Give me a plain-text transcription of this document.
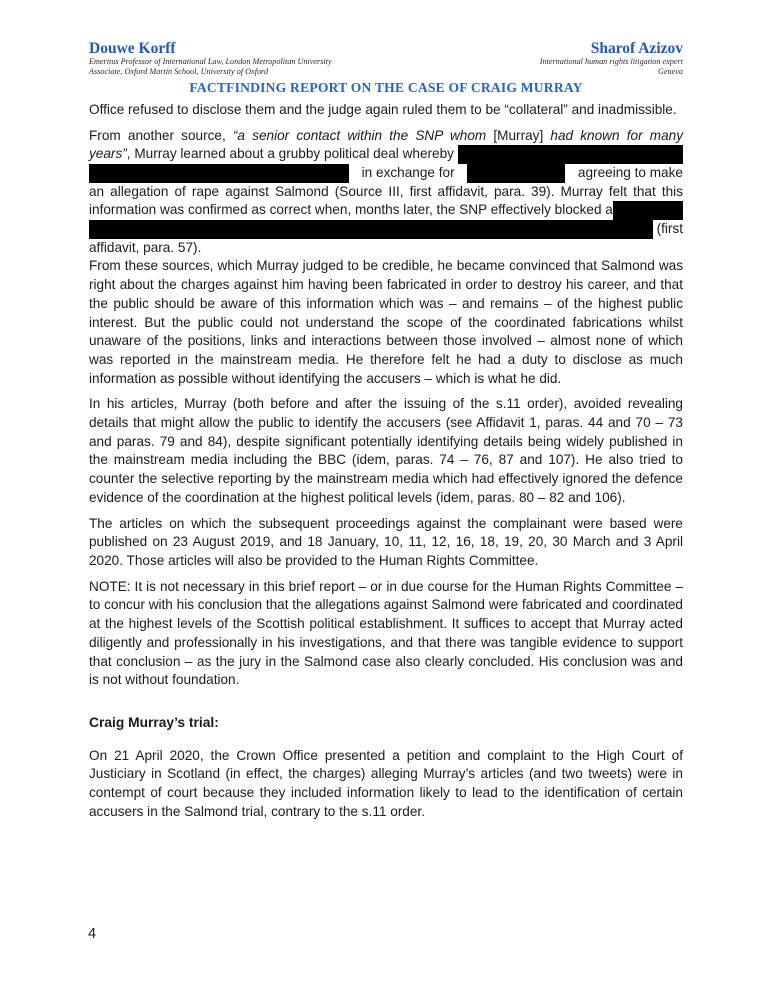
Douwe Korff
Emeritus Professor of International Law, London Metropolitan University
Associate, Oxford Martin School, University of Oxford
Sharof Azizov
International human rights litigation expert
Geneva
FACTFINDING REPORT ON THE CASE OF CRAIG MURRAY

Office refused to disclose them and the judge again ruled them to be “collateral” and inadmissible.

From another source, “a senior contact within the SNP whom [Murray] had known for many
years” , Murray learned about a grubby political deal whereby
in exchange for	agreeing to make
an allegation of rape against Salmond (Source III, first affidavit, para. 39). Murray felt that this
information was confirmed as correct when, months later, the SNP effectively blocked a
(first
affidavit, para. 57).

From these sources, which Murray judged to be credible, he became convinced that Salmond was right about the charges against him having been fabricated in order to destroy his career, and that the public should be aware of this information which was – and remains – of the highest public interest. But the public could not understand the scope of the coordinated fabrications whilst unaware of the positions, links and interactions between those involved – almost none of which was reported in the mainstream media. He therefore felt he had a duty to disclose as much information as possible without identifying the accusers – which is what he did.

In his articles, Murray (both before and after the issuing of the s.11 order), avoided revealing details that might allow the public to identify the accusers (see Affidavit 1, paras. 44 and 70 – 73 and paras. 79 and 84), despite significant potentially identifying details being widely published in the mainstream media including the BBC (idem, paras. 74 – 76, 87 and 107). He also tried to counter the selective reporting by the mainstream media which had effectively ignored the defence evidence of the coordination at the highest political levels (idem, paras. 80 – 82 and 106).

The articles on which the subsequent proceedings against the complainant were based were published on 23 August 2019, and 18 January, 10, 11, 12, 16, 18, 19, 20, 30 March and 3 April 2020. Those articles will also be provided to the Human Rights Committee.

NOTE: It is not necessary in this brief report – or in due course for the Human Rights Committee – to concur with his conclusion that the allegations against Salmond were fabricated and coordinated at the highest levels of the Scottish political establishment. It suffices to accept that Murray acted diligently and professionally in his investigations, and that there was tangible evidence to support that conclusion – as the jury in the Salmond case also clearly concluded. His conclusion was and is not without foundation.

Craig Murray’s trial:

On 21 April 2020, the Crown Office presented a petition and complaint to the High Court of Justiciary in Scotland (in effect, the charges) alleging Murray’s articles (and two tweets) were in contempt of court because they included information likely to lead to the identification of certain accusers in the Salmond trial, contrary to the s.11 order.

4
